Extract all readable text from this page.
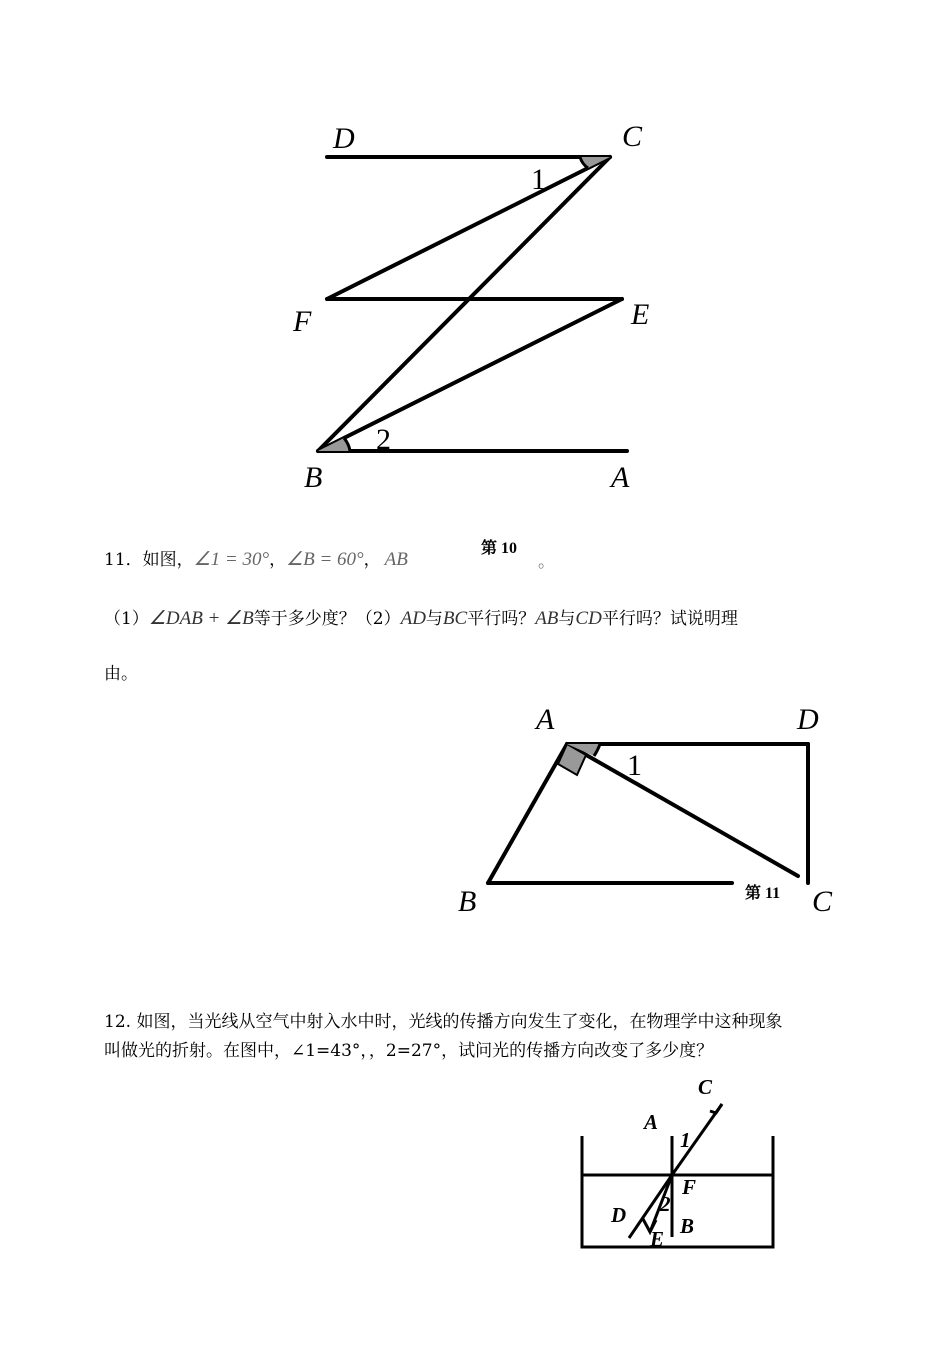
D	C
1
F	E
2
B	A
11．如图，∠1 = 30°，∠B = 60°， AB
第 10
。
（1）∠DAB + ∠B等于多少度？（2）AD与BC平行吗？AB与CD平行吗？试说明理
由。
A	D
1
B	第 11 C
12. 如图，当光线从空气中射入水中时，光线的传播方向发生了变化，在物理学中这种现象
叫做光的折射。在图中，∠1=43°，，2=27°，试问光的传播方向改变了多少度？
C
A
1
F
2
D	B
E
